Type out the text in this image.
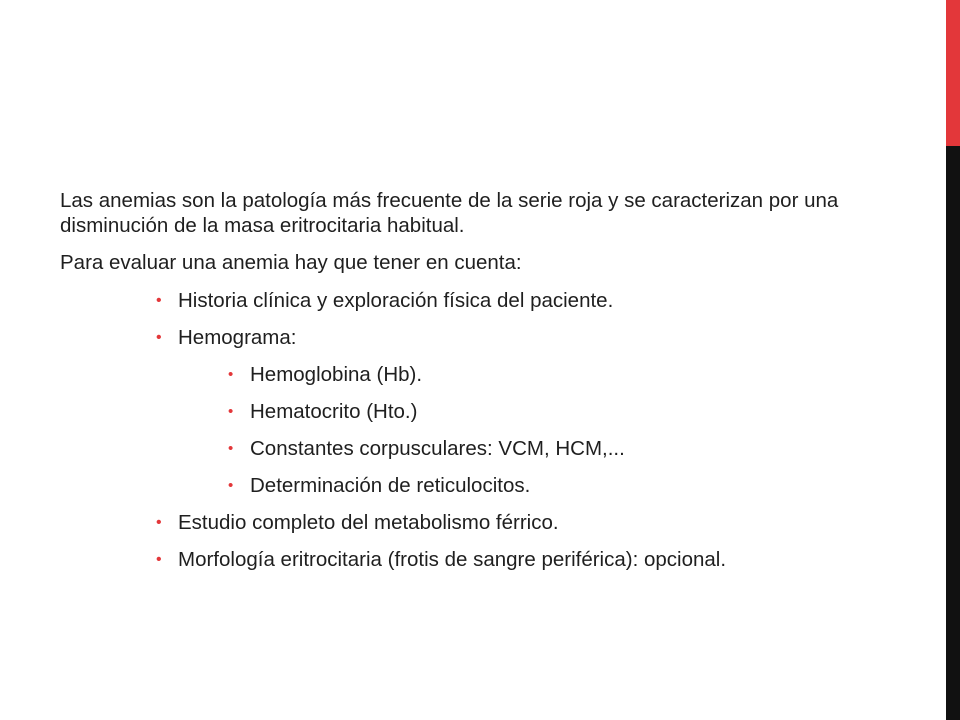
Las anemias son la patología más frecuente de la serie roja y se caracterizan por una disminución de la masa eritrocitaria habitual.

Para evaluar una anemia hay que tener en cuenta:

• Historia clínica y exploración física del paciente.
• Hemograma:
• Hemoglobina (Hb).
• Hematocrito (Hto.)
• Constantes corpusculares: VCM, HCM,...
• Determinación de reticulocitos.
• Estudio completo del metabolismo férrico.
• Morfología eritrocitaria (frotis de sangre periférica): opcional.
